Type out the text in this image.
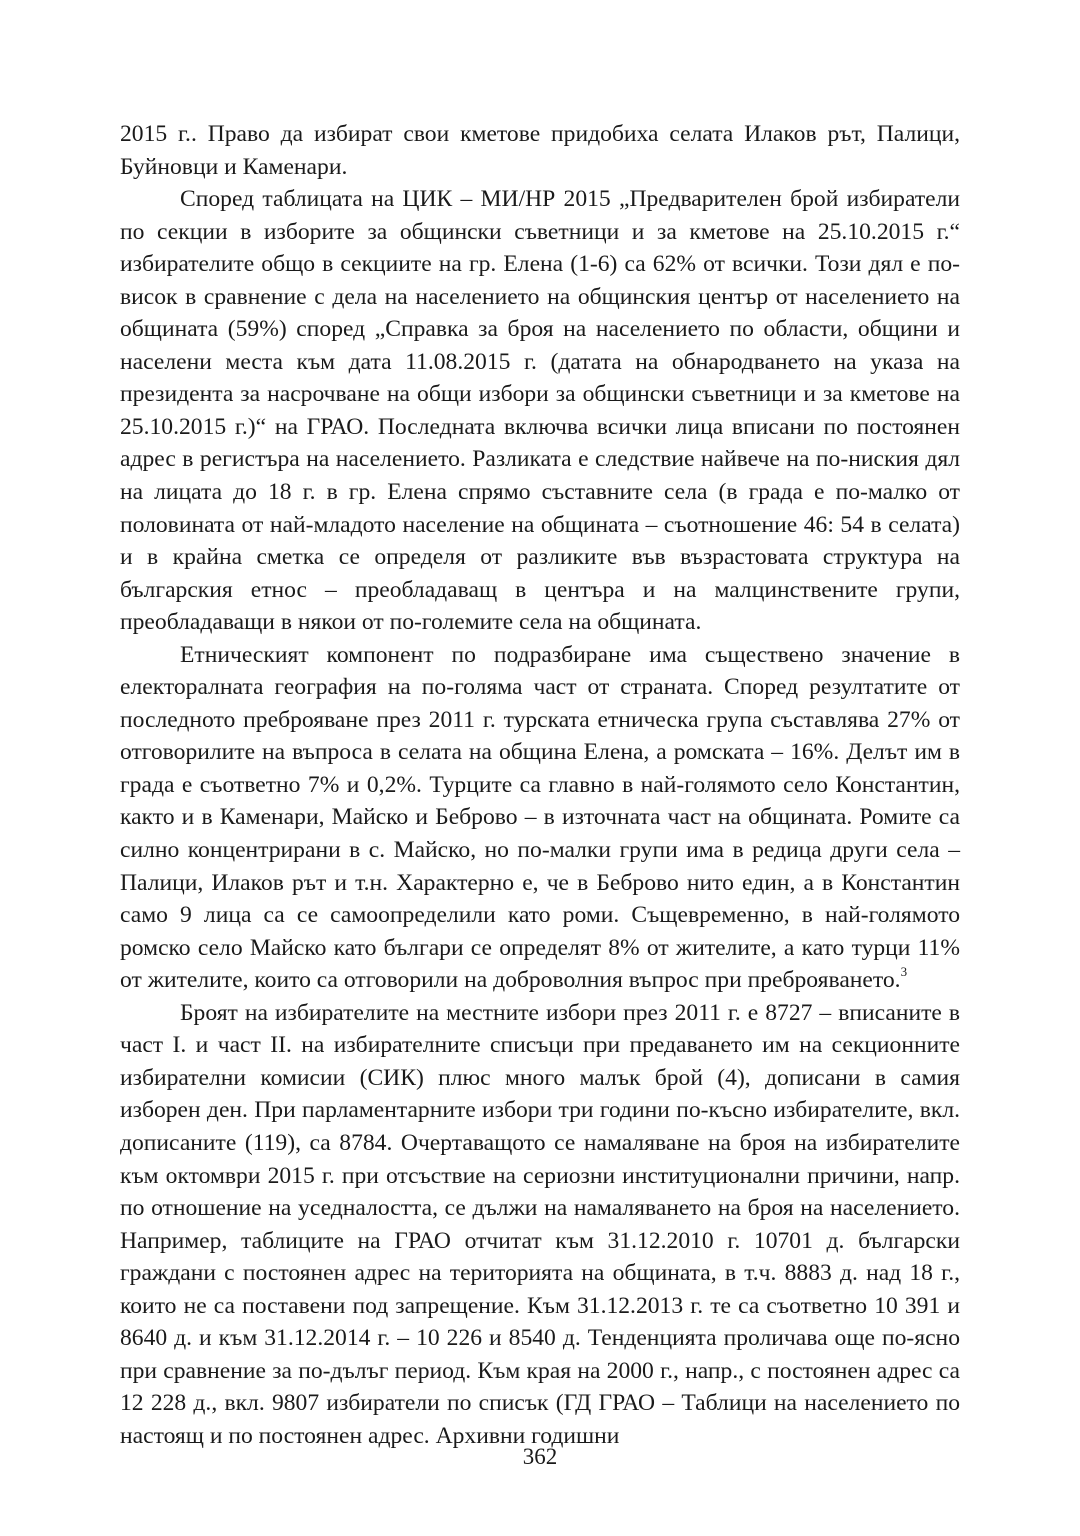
2015 г.. Право да избират свои кметове придобиха селата Илаков рът, Палици, Буйновци и Каменари.

Според таблицата на ЦИК – МИ/НР 2015 „Предварителен брой избиратели по секции в изборите за общински съветници и за кметове на 25.10.2015 г.“ избирателите общо в секциите на гр. Елена (1-6) са 62% от всички. Този дял е по-висок в сравнение с дела на населението на общинския център от населението на общината (59%) според „Справка за броя на населението по области, общини и населени места към дата 11.08.2015 г. (датата на обнародването на указа на президента за насрочване на общи избори за общински съветници и за кметове на 25.10.2015 г.)“ на ГРАО. Последната включва всички лица вписани по постоянен адрес в регистъра на населението. Разликата е следствие найвече на по-ниския дял на лицата до 18 г. в гр. Елена спрямо съставните села (в града е по-малко от половината от най-младото население на общината – съотношение 46: 54 в селата) и в крайна сметка се определя от разликите във възрастовата структура на българския етнос – преобладаващ в центъра и на малцинствените групи, преобладаващи в някои от по-големите села на общината.

Етническият компонент по подразбиране има съществено значение в електоралната география на по-голяма част от страната. Според резултатите от последното преброяване през 2011 г. турската етническа група съставлява 27% от отговорилите на въпроса в селата на община Елена, а ромската – 16%. Делът им в града е съответно 7% и 0,2%. Турците са главно в най-голямото село Константин, както и в Каменари, Майско и Беброво – в източната част на общината. Ромите са силно концентрирани в с. Майско, но по-малки групи има в редица други села – Палици, Илаков рът и т.н. Характерно е, че в Беброво нито един, а в Константин само 9 лица са се самоопределили като роми. Същевременно, в най-голямото ромско село Майско като българи се определят 8% от жителите, а като турци 11% от жителите, които са отговорили на доброволния въпрос при преброяването.$^3$

Броят на избирателите на местните избори през 2011 г. е 8727 – вписаните в част I. и част II. на избирателните списъци при предаването им на секционните избирателни комисии (СИК) плюс много малък брой (4), дописани в самия изборен ден. При парламентарните избори три години по-късно избирателите, вкл. дописаните (119), са 8784. Очертаващото се намаляване на броя на избирателите към октомври 2015 г. при отсъствие на сериозни институционални причини, напр. по отношение на уседналостта, се дължи на намаляването на броя на населението. Например, таблиците на ГРАО отчитат към 31.12.2010 г. 10701 д. български граждани с постоянен адрес на територията на общината, в т.ч. 8883 д. над 18 г., които не са поставени под запрещение. Към 31.12.2013 г. те са съответно 10 391 и 8640 д. и към 31.12.2014 г. – 10 226 и 8540 д. Тенденцията проличава още по-ясно при сравнение за по-дълъг период. Към края на 2000 г., напр., с постоянен адрес са 12 228 д., вкл. 9807 избиратели по списък (ГД ГРАО – Таблици на населението по настоящ и по постоянен адрес. Архивни годишни

362
